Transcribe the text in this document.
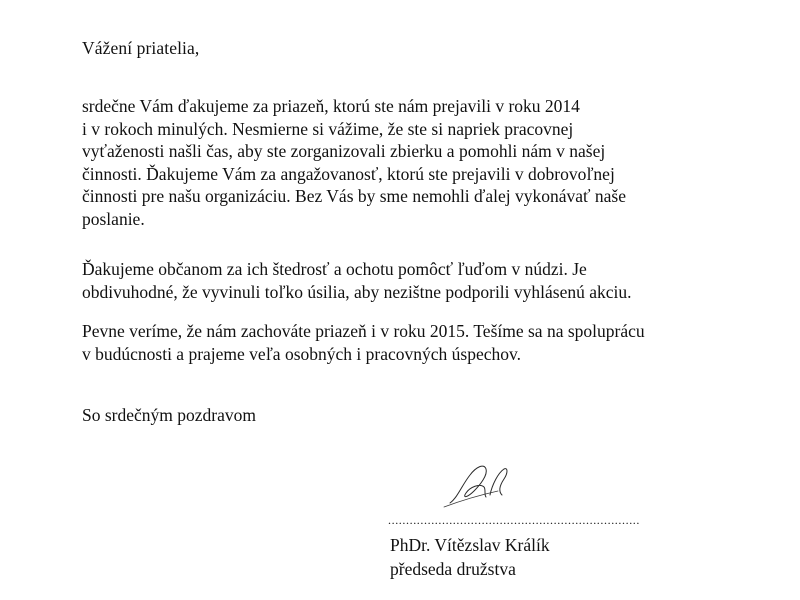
Vážení priatelia,

srdečne Vám ďakujeme za priazeň, ktorú ste nám prejavili v roku 2014
i v rokoch minulých. Nesmierne si vážime, že ste si napriek pracovnej
vyťaženosti našli čas, aby ste zorganizovali zbierku a pomohli nám v našej
činnosti. Ďakujeme Vám za angažovanosť, ktorú ste prejavili v dobrovoľnej
činnosti pre našu organizáciu. Bez Vás by sme nemohli ďalej vykonávať naše
poslanie.

Ďakujeme občanom za ich štedrosť a ochotu pomôcť ľuďom v núdzi. Je
obdivuhodné, že vyvinuli toľko úsilia, aby nezištne podporili vyhlásenú akciu.

Pevne veríme, že nám zachováte priazeň i v roku 2015. Tešíme sa na spoluprácu
v budúcnosti a prajeme veľa osobných i pracovných úspechov.

So srdečným pozdravom
......................................................................
PhDr. Vítězslav Králík
předseda družstva
